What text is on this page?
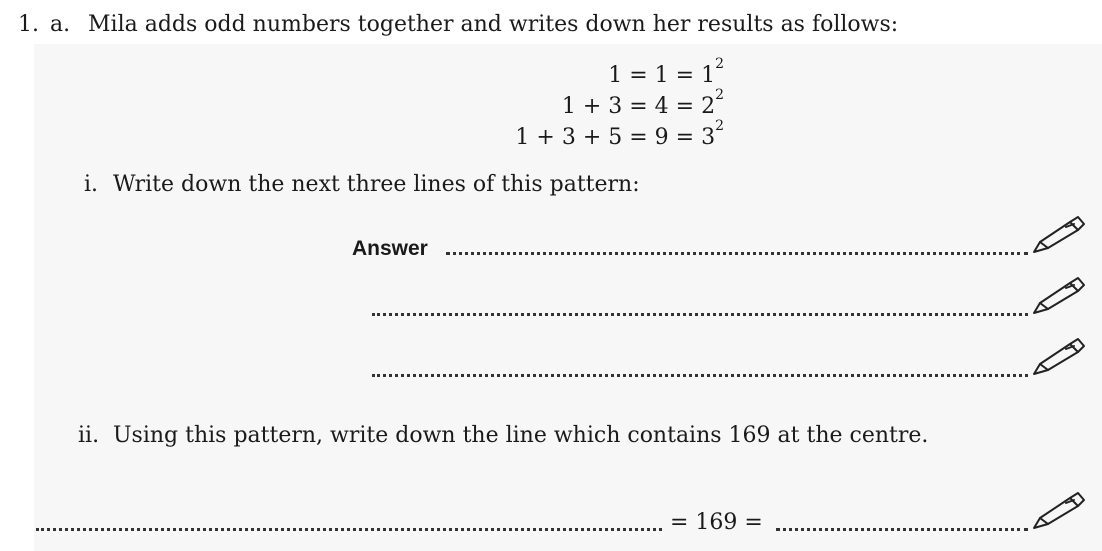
1. a. Mila adds odd numbers together and writes down her results as follows:
$1 = 1 = 1^2$
$1 + 3 = 4 = 2^2$
$1 + 3 + 5 = 9 = 3^2$
i. Write down the next three lines of this pattern:
Answer
ii. Using this pattern, write down the line which contains 169 at the centre.
= 169 =
